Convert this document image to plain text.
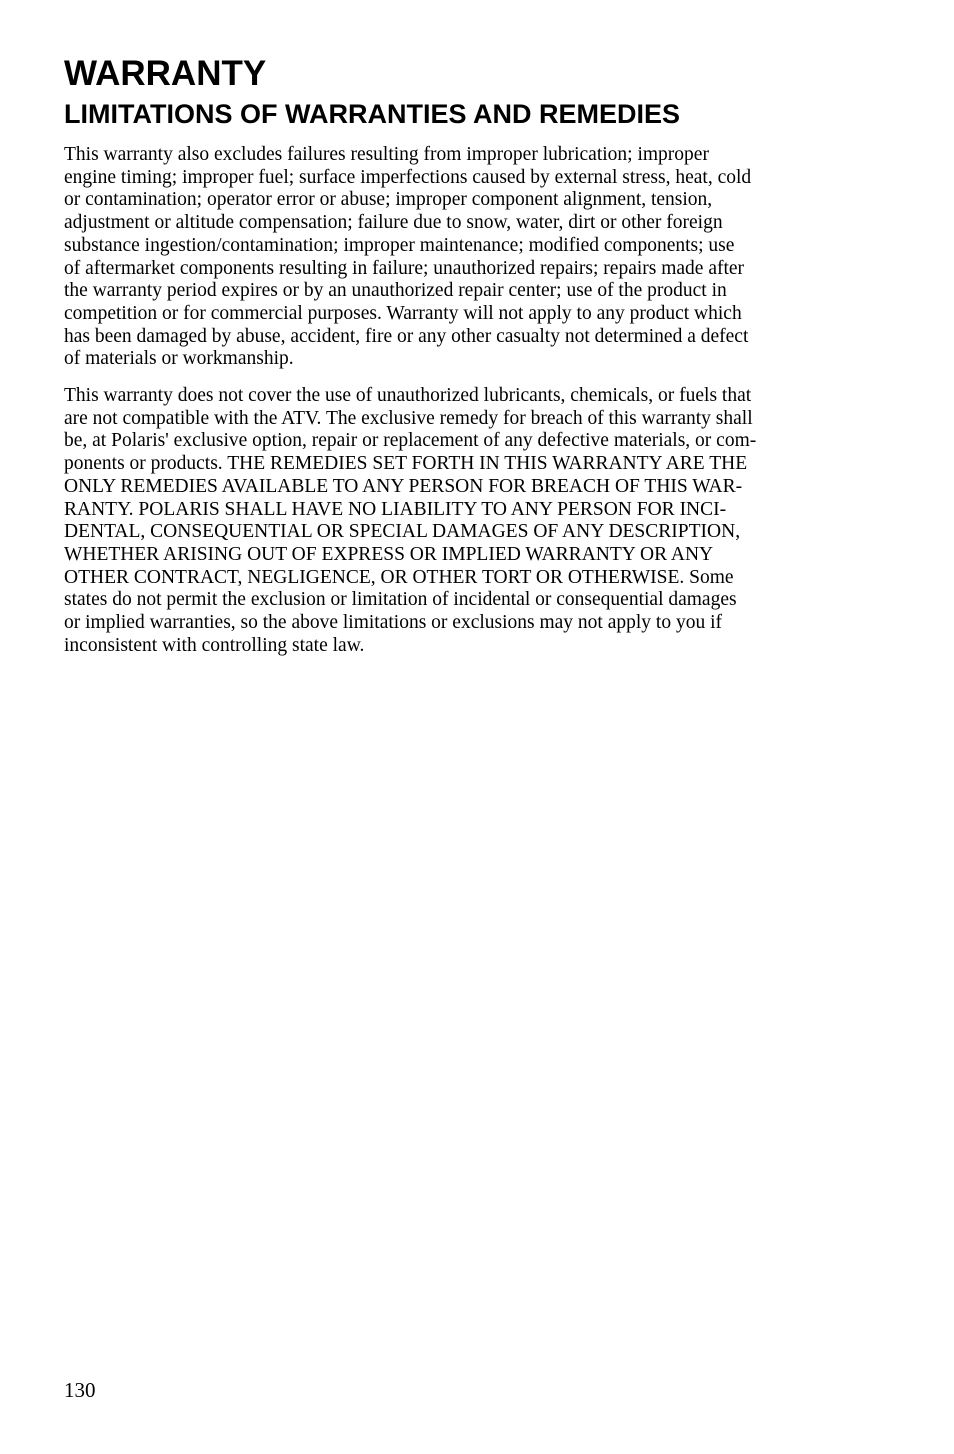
WARRANTY
LIMITATIONS OF WARRANTIES AND REMEDIES

This warranty also excludes failures resulting from improper lubrication; improper
engine timing; improper fuel; surface imperfections caused by external stress, heat, cold
or contamination; operator error or abuse; improper component alignment, tension,
adjustment or altitude compensation; failure due to snow, water, dirt or other foreign
substance ingestion/contamination; improper maintenance; modified components; use
of aftermarket components resulting in failure; unauthorized repairs; repairs made after
the warranty period expires or by an unauthorized repair center; use of the product in
competition or for commercial purposes. Warranty will not apply to any product which
has been damaged by abuse, accident, fire or any other casualty not determined a defect
of materials or workmanship.

This warranty does not cover the use of unauthorized lubricants, chemicals, or fuels that
are not compatible with the ATV. The exclusive remedy for breach of this warranty shall
be, at Polaris' exclusive option, repair or replacement of any defective materials, or com-
ponents or products. THE REMEDIES SET FORTH IN THIS WARRANTY ARE THE
ONLY REMEDIES AVAILABLE TO ANY PERSON FOR BREACH OF THIS WAR-
RANTY. POLARIS SHALL HAVE NO LIABILITY TO ANY PERSON FOR INCI-
DENTAL, CONSEQUENTIAL OR SPECIAL DAMAGES OF ANY DESCRIPTION,
WHETHER ARISING OUT OF EXPRESS OR IMPLIED WARRANTY OR ANY
OTHER CONTRACT, NEGLIGENCE, OR OTHER TORT OR OTHERWISE. Some
states do not permit the exclusion or limitation of incidental or consequential damages
or implied warranties, so the above limitations or exclusions may not apply to you if
inconsistent with controlling state law.

130
